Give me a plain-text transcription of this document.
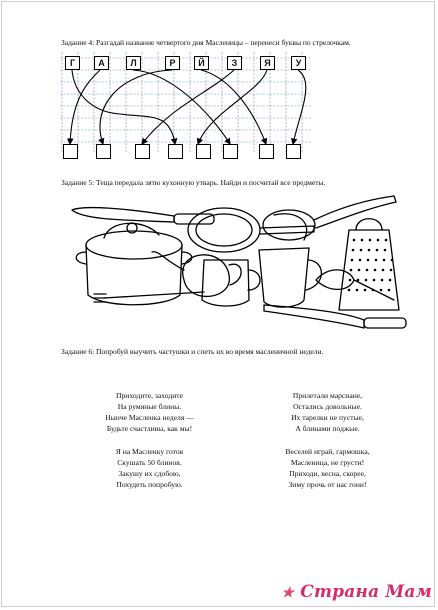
Задание 4: Разгадай название четвертого дня Масленицы – перенеси буквы по стрелочкам.
Г	А	Л	Р	Й	З	Я	У
Задание 5: Теща передала зятю кухонную утварь. Найди и посчитай все предметы.
Задание 6: Попробуй выучить частушки и спеть их во время масленичной недели.
Приходите, заходите
На румяные блины.
Нынче Масленка неделя —
Будьте счастливы, как мы!
Я на Масленку готов
Скушать 50 блинов.
Закушу их сдобою,
Похудеть попробую.
Прилетали марсиане,
Остались довольные.
Их тарелки не пустые,
А блинами поджые.
Веселей играй, гармошка,
Масленица, не грусти!
Приходи, весна, скорее,
Зиму прочь от нас гони!
★ Страна Мам
